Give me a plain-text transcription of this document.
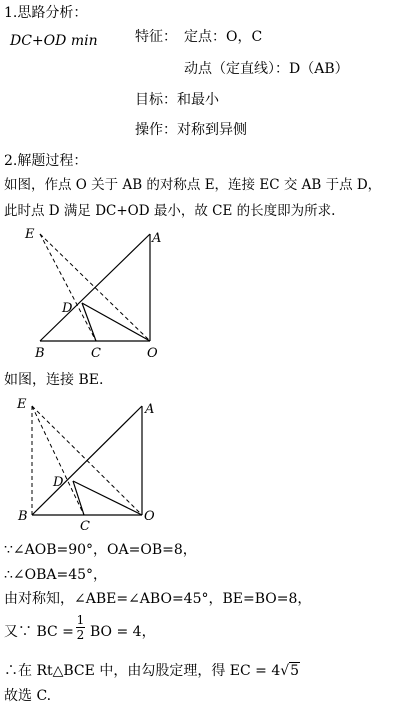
1.思路分析：
DC+OD min	特征： 定点：O，C
动点（定直线）：D（AB）
目标：和最小
操作：对称到异侧
2.解题过程：
如图，作点 O 关于 AB 的对称点 E，连接 EC 交 AB 于点 D，
此时点 D 满足 DC+OD 最小，故 CE 的长度即为所求.
E	A
D
B	C	O
E	A
D
B
C
O
如图，连接 BE.
∵∠AOB=90°，OA=OB=8，
∴∠OBA=45°，
由对称知，∠ABE=∠ABO=45°，BE=BO=8，
又∵ BC =
1
2 BO = 4，
∴在 Rt△BCE 中，由勾股定理，得 EC = 4√5
故选 C.
